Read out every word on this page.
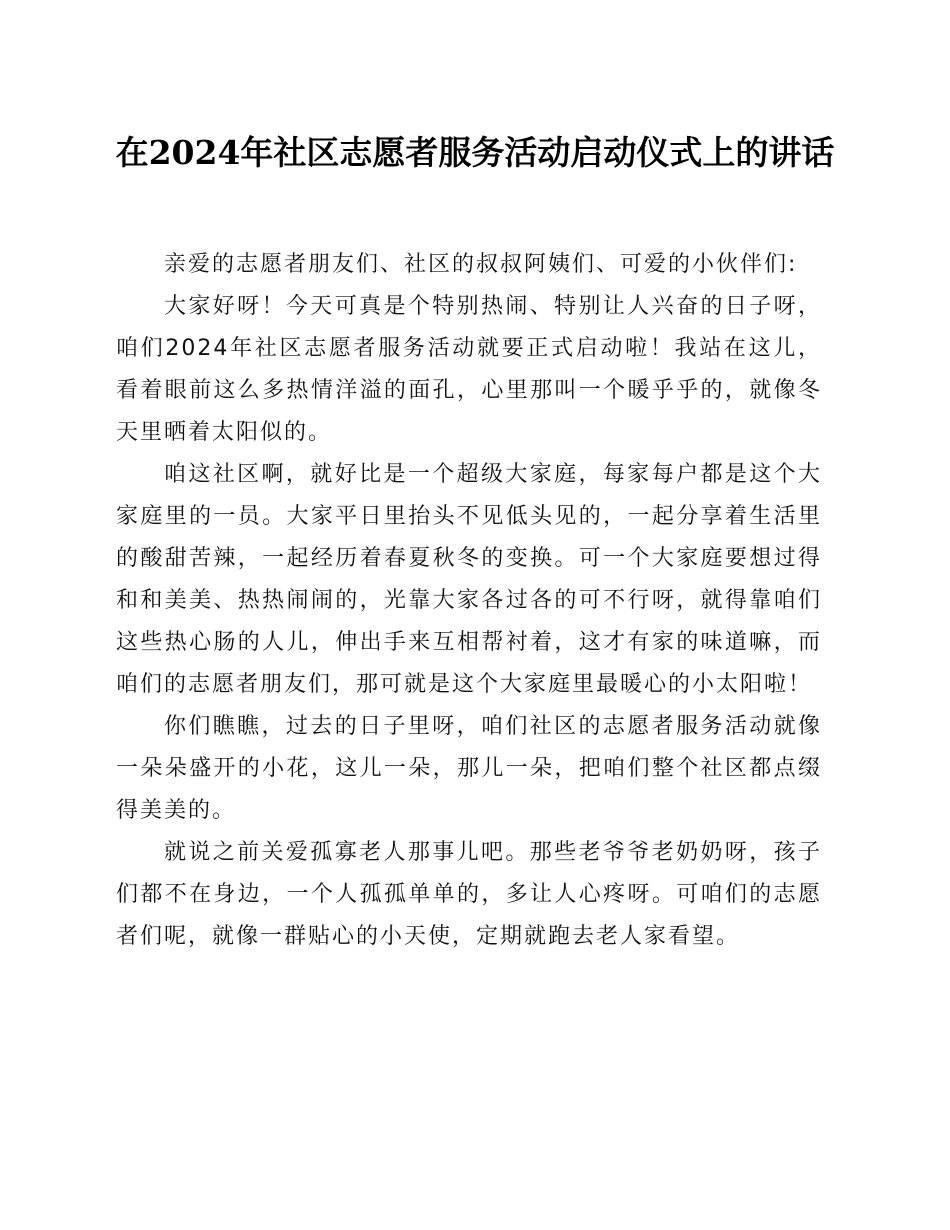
在2024年社区志愿者服务活动启动仪式上的讲话

亲爱的志愿者朋友们、社区的叔叔阿姨们、可爱的小伙伴们:

大家好呀！今天可真是个特别热闹、特别让人兴奋的日子呀，咱们2024年社区志愿者服务活动就要正式启动啦！我站在这儿，看着眼前这么多热情洋溢的面孔，心里那叫一个暖乎乎的，就像冬天里晒着太阳似的。

咱这社区啊，就好比是一个超级大家庭，每家每户都是这个大家庭里的一员。大家平日里抬头不见低头见的，一起分享着生活里的酸甜苦辣，一起经历着春夏秋冬的变换。可一个大家庭要想过得和和美美、热热闹闹的，光靠大家各过各的可不行呀，就得靠咱们这些热心肠的人儿，伸出手来互相帮衬着，这才有家的味道嘛，而咱们的志愿者朋友们，那可就是这个大家庭里最暖心的小太阳啦！

你们瞧瞧，过去的日子里呀，咱们社区的志愿者服务活动就像一朵朵盛开的小花，这儿一朵，那儿一朵，把咱们整个社区都点缀得美美的。

就说之前关爱孤寡老人那事儿吧。那些老爷爷老奶奶呀，孩子们都不在身边，一个人孤孤单单的，多让人心疼呀。可咱们的志愿者们呢，就像一群贴心的小天使，定期就跑去老人家看望。
